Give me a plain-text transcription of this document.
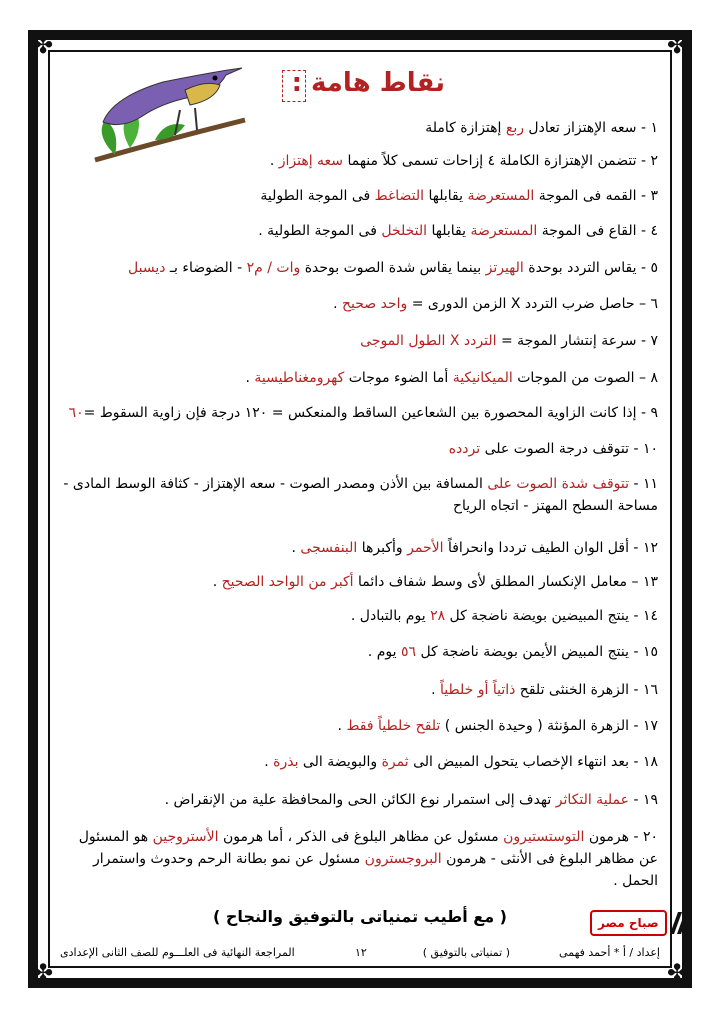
✤	✤
✤	✤
نقاط هامة :
١ - سعه الإهتزاز تعادل ربع إهتزازة كاملة
٢ - تتضمن الإهتزازة الكاملة ٤ إزاحات تسمى كلاً منهما سعه إهتزاز .
٣ - القمه فى الموجة المستعرضة يقابلها التضاغط فى الموجة الطولية
٤ - القاع فى الموجة المستعرضة يقابلها التخلخل فى الموجة الطولية .
٥ - يقاس التردد بوحدة الهيرتز بينما يقاس شدة الصوت بوحدة وات / م٢ - الضوضاء بـ ديسبل
٦ – حاصل ضرب التردد X الزمن الدورى = واحد صحيح .
٧ - سرعة إنتشار الموجة = التردد X الطول الموجى
٨ – الصوت من الموجات الميكانيكية أما الضوء موجات كهرومغناطيسية .
٩ - إذا كانت الزاوية المحصورة بين الشعاعين الساقط والمنعكس = ١٢٠ درجة فإن زاوية السقوط =٦٠
١٠ - تتوقف درجة الصوت على تردده
١١ - تتوقف شدة الصوت على المسافة بين الأذن ومصدر الصوت - سعه الإهتزاز - كثافة الوسط المادى - مساحة السطح المهتز - اتجاه الرياح
١٢ - أقل الوان الطيف ترددا وانحرافاً الأحمر وأكبرها البنفسجى .
١٣ – معامل الإنكسار المطلق لأى وسط شفاف دائما أكبر من الواحد الصحيح .
١٤ - ينتج المبيضين بويضة ناضجة كل ٢٨ يوم بالتبادل .
١٥ - ينتج المبيض الأيمن بويضة ناضجة كل ٥٦ يوم .
١٦ - الزهرة الخنثى تلقح ذاتياً أو خلطياً .
١٧ - الزهرة المؤنثة ( وحيدة الجنس ) تلقح خلطياً فقط .
١٨ - بعد انتهاء الإخصاب يتحول المبيض الى ثمرة والبويضة الى بذرة .
١٩ - عملية التكاثر تهدف إلى استمرار نوع الكائن الحى والمحافظة علية من الإنقراض .
٢٠ - هرمون التوستستيرون مسئول عن مظاهر البلوغ فى الذكر ، أما هرمون الأستروجين هو المسئول عن مظاهر البلوغ فى الأنثى - هرمون البروجسترون مسئول عن نمو بطانة الرحم وحدوث واستمرار الحمل .
صباح مصر
( مع أطيب تمنياتى بالتوفيق والنجاح )
إعداد / أ * أحمد فهمى
( تمنياتى بالتوفيق )
١٢
المراجعة النهائية فى العلـــوم للصف الثانى الإعدادى
